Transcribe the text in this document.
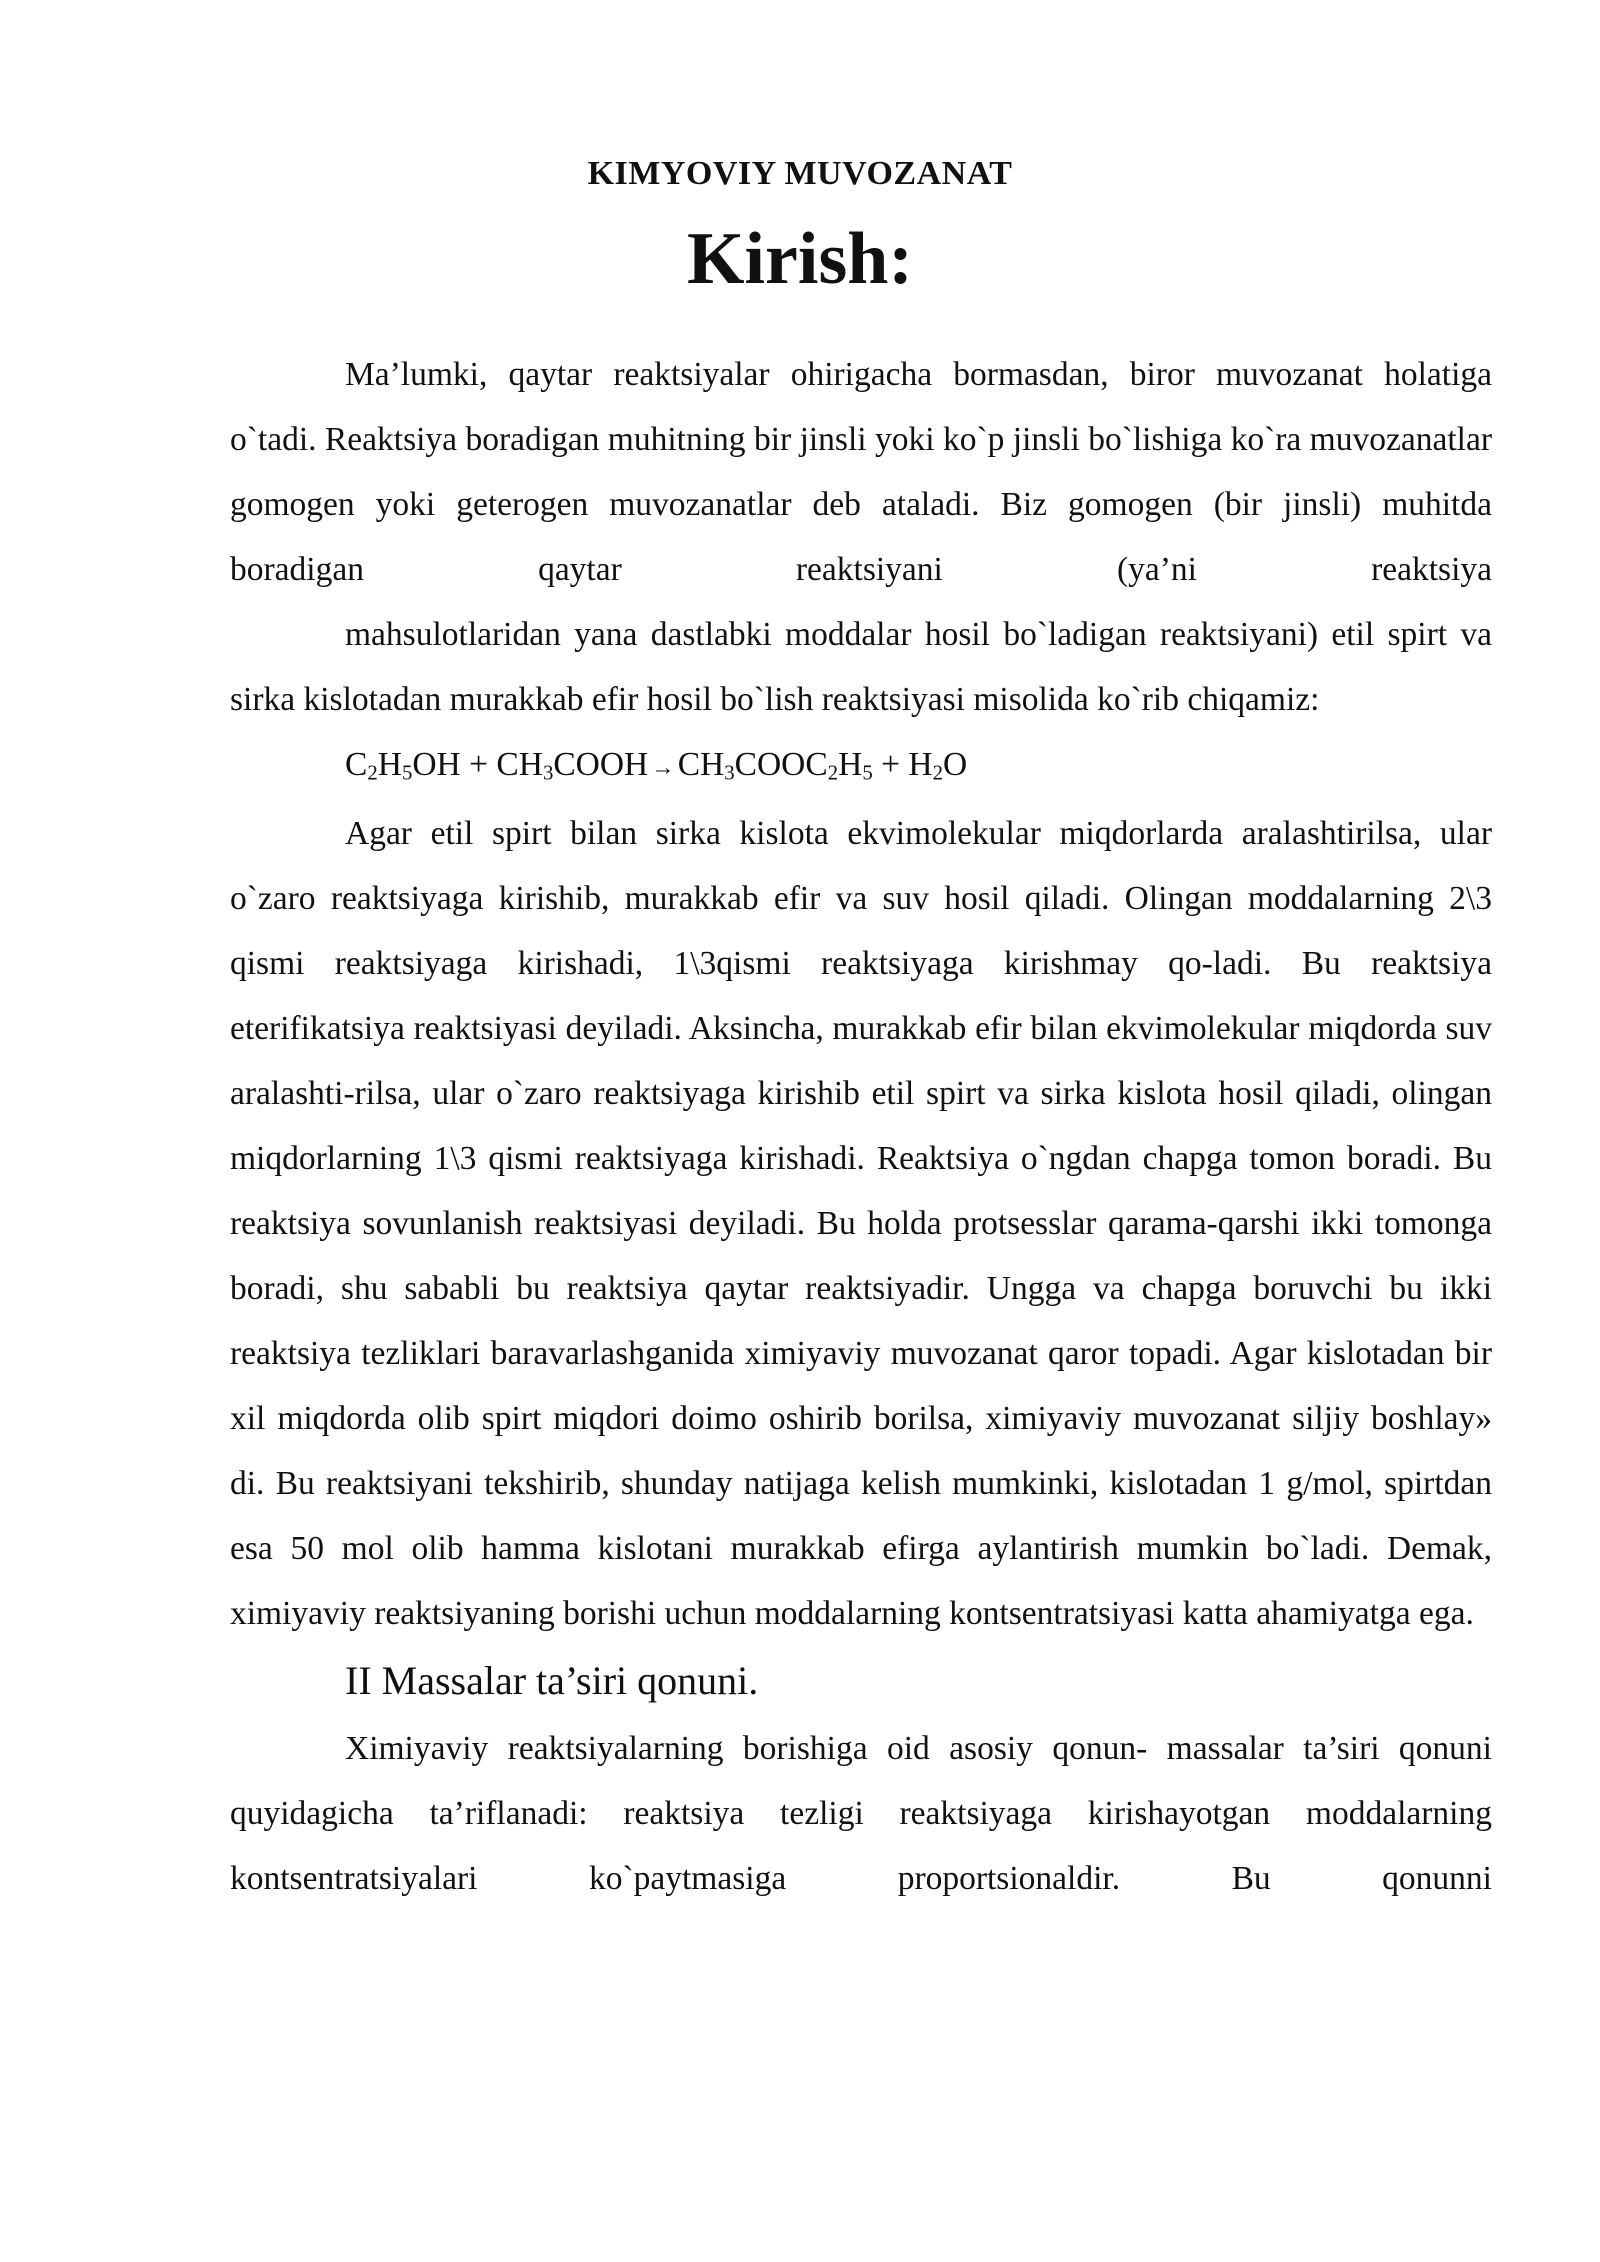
KIMYOVIY MUVOZANAT
Kirish:

Ma’lumki, qaytar reaktsiyalar ohirigacha bormasdan, biror muvozanat holatiga o`tadi. Reaktsiya boradigan muhitning bir jinsli yoki ko`p jinsli bo`lishiga ko`ra muvozanatlar gomogen yoki geterogen muvozanatlar deb ataladi. Biz gomogen (bir jinsli) muhitda boradigan qaytar reaktsiyani (ya’ni reaktsiya

mahsulotlaridan yana dastlabki moddalar hosil bo`ladigan reaktsiyani) etil spirt va sirka kislotadan murakkab efir hosil bo`lish reaktsiyasi misolida ko`rib chiqamiz:

$C_2H_5OH$ + $CH_3COOH$ $\to CH_3COOC_2H_5 + H_2O$

Agar etil spirt bilan sirka kislota ekvimolekular miqdorlarda aralashtirilsa, ular o`zaro reaktsiyaga kirishib, murakkab efir va suv hosil qiladi. Olingan moddalarning 2\3 qismi reaktsiyaga kirishadi, 1\3qismi reaktsiyaga kirishmay qo-ladi. Bu reaktsiya eterifikatsiya reaktsiyasi deyiladi. Aksincha, murakkab efir bilan ekvimolekular miqdorda suv aralashti-rilsa, ular o`zaro reaktsiyaga kirishib etil spirt va sirka kislota hosil qiladi, olingan miqdorlarning 1\3 qismi reaktsiyaga kirishadi. Reaktsiya o`ngdan chapga tomon boradi. Bu reaktsiya sovunlanish reaktsiyasi deyiladi. Bu holda protsesslar qarama-qarshi ikki tomonga boradi, shu sababli bu reaktsiya qaytar reaktsiyadir. Ungga va chapga boruvchi bu ikki reaktsiya tezliklari baravarlashganida ximiyaviy muvozanat qaror topadi. Agar kislotadan bir xil miqdorda olib spirt miqdori doimo oshirib borilsa, ximiyaviy muvozanat siljiy boshlay» di. Bu reaktsiyani tekshirib, shunday natijaga kelish mumkinki, kislotadan 1 g/mol, spirtdan esa 50 mol olib hamma kislotani murakkab efirga aylantirish mumkin bo`ladi. Demak, ximiyaviy reaktsiyaning borishi uchun moddalarning kontsentratsiyasi katta ahamiyatga ega.

II Massalar ta’siri qonuni.

Ximiyaviy reaktsiyalarning borishiga oid asosiy qonun- massalar ta’siri qonuni quyidagicha ta’riflanadi: reaktsiya tezligi reaktsiyaga kirishayotgan moddalarning kontsentratsiyalari ko`paytmasiga proportsionaldir. Bu qonunni
